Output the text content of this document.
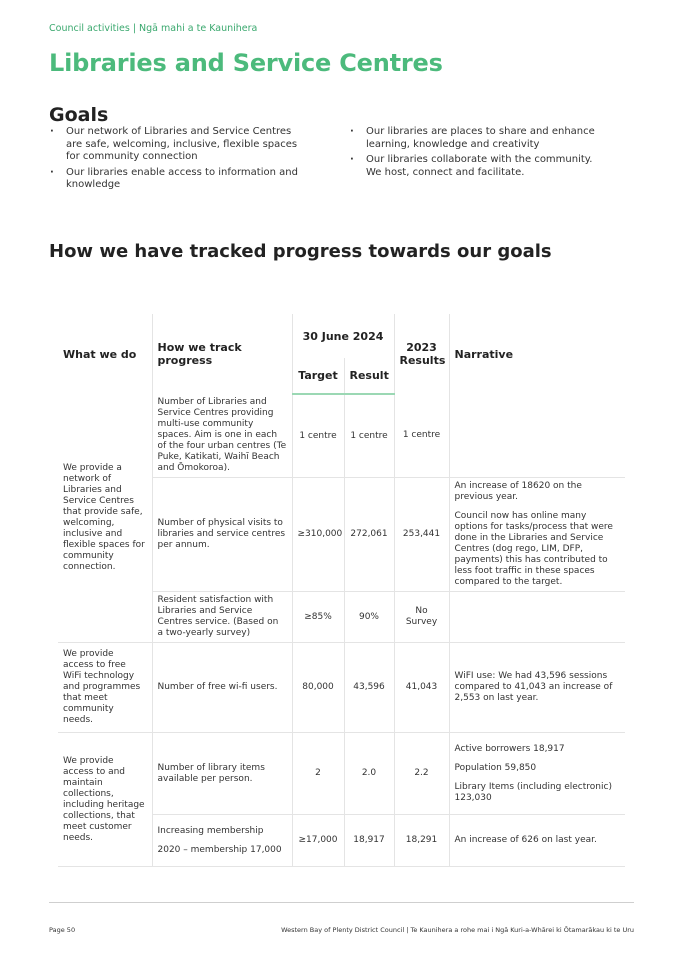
Council activities | Ngā mahi a te Kaunihera
Libraries and Service Centres
Goals
· Our network of Libraries and Service Centres are safe, welcoming, inclusive, flexible spaces for community connection
· Our libraries enable access to information and knowledge
· Our libraries are places to share and enhance learning, knowledge and creativity
· Our libraries collaborate with the community. We host, connect and facilitate.
How we have tracked progress towards our goals
What we do	How we track progress	30 June 2024		2023 Results	Narrative
		Target	Result		
We provide a network of Libraries and Service Centres that provide safe, welcoming, inclusive and flexible spaces for community connection.	Number of Libraries and Service Centres providing multi-use community spaces. Aim is one in each of the four urban centres (Te Puke, Katikati, Waihī Beach and Ōmokoroa).	1 centre	1 centre	1 centre	
	Number of physical visits to libraries and service centres per annum.	≥310,000	272,061	253,441	An increase of 18620 on the previous year.

Council now has online many options for tasks/process that were done in the Libraries and Service Centres (dog rego, LIM, DFP, payments) this has contributed to less foot traffic in these spaces compared to the target.

	Resident satisfaction with Libraries and Service Centres service. (Based on a two-yearly survey)	≥85%	90%	No Survey	
We provide access to free WiFi technology and programmes that meet community needs.	Number of free wi-fi users.	80,000	43,596	41,043	WiFI use: We had 43,596 sessions compared to 41,043 an increase of 2,553 on last year.

We provide access to and maintain collections, including heritage collections, that meet customer needs.	Number of library items available per person.	2	2.0	2.2	Active borrowers 18,917

Population 59,850

Library Items (including electronic) 123,030

	Increasing membership

2020 – membership 17,000	≥17,000	18,917	18,291	An increase of 626 on last year.

Page 50	Western Bay of Plenty District Council | Te Kaunihera a rohe mai i Ngā Kuri-a-Whārei ki Ōtamarākau ki te Uru
